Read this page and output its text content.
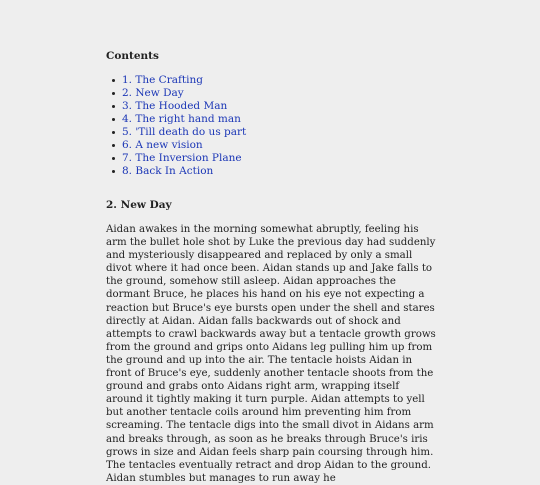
Contents
1. The Crafting
2. New Day
3. The Hooded Man
4. The right hand man
5. 'Till death do us part
6. A new vision
7. The Inversion Plane
8. Back In Action
2. New Day

Aidan awakes in the morning somewhat abruptly, feeling his arm the bullet hole shot by Luke the previous day had suddenly and mysteriously disappeared and replaced by only a small divot where it had once been. Aidan stands up and Jake falls to the ground, somehow still asleep. Aidan approaches the dormant Bruce, he places his hand on his eye not expecting a reaction but Bruce's eye bursts open under the shell and stares directly at Aidan. Aidan falls backwards out of shock and attempts to crawl backwards away but a tentacle growth grows from the ground and grips onto Aidans leg pulling him up from the ground and up into the air. The tentacle hoists Aidan in front of Bruce's eye, suddenly another tentacle shoots from the ground and grabs onto Aidans right arm, wrapping itself around it tightly making it turn purple. Aidan attempts to yell but another tentacle coils around him preventing him from screaming. The tentacle digs into the small divot in Aidans arm and breaks through, as soon as he breaks through Bruce's iris grows in size and Aidan feels sharp pain coursing through him. The tentacles eventually retract and drop Aidan to the ground. Aidan stumbles but manages to run away he
